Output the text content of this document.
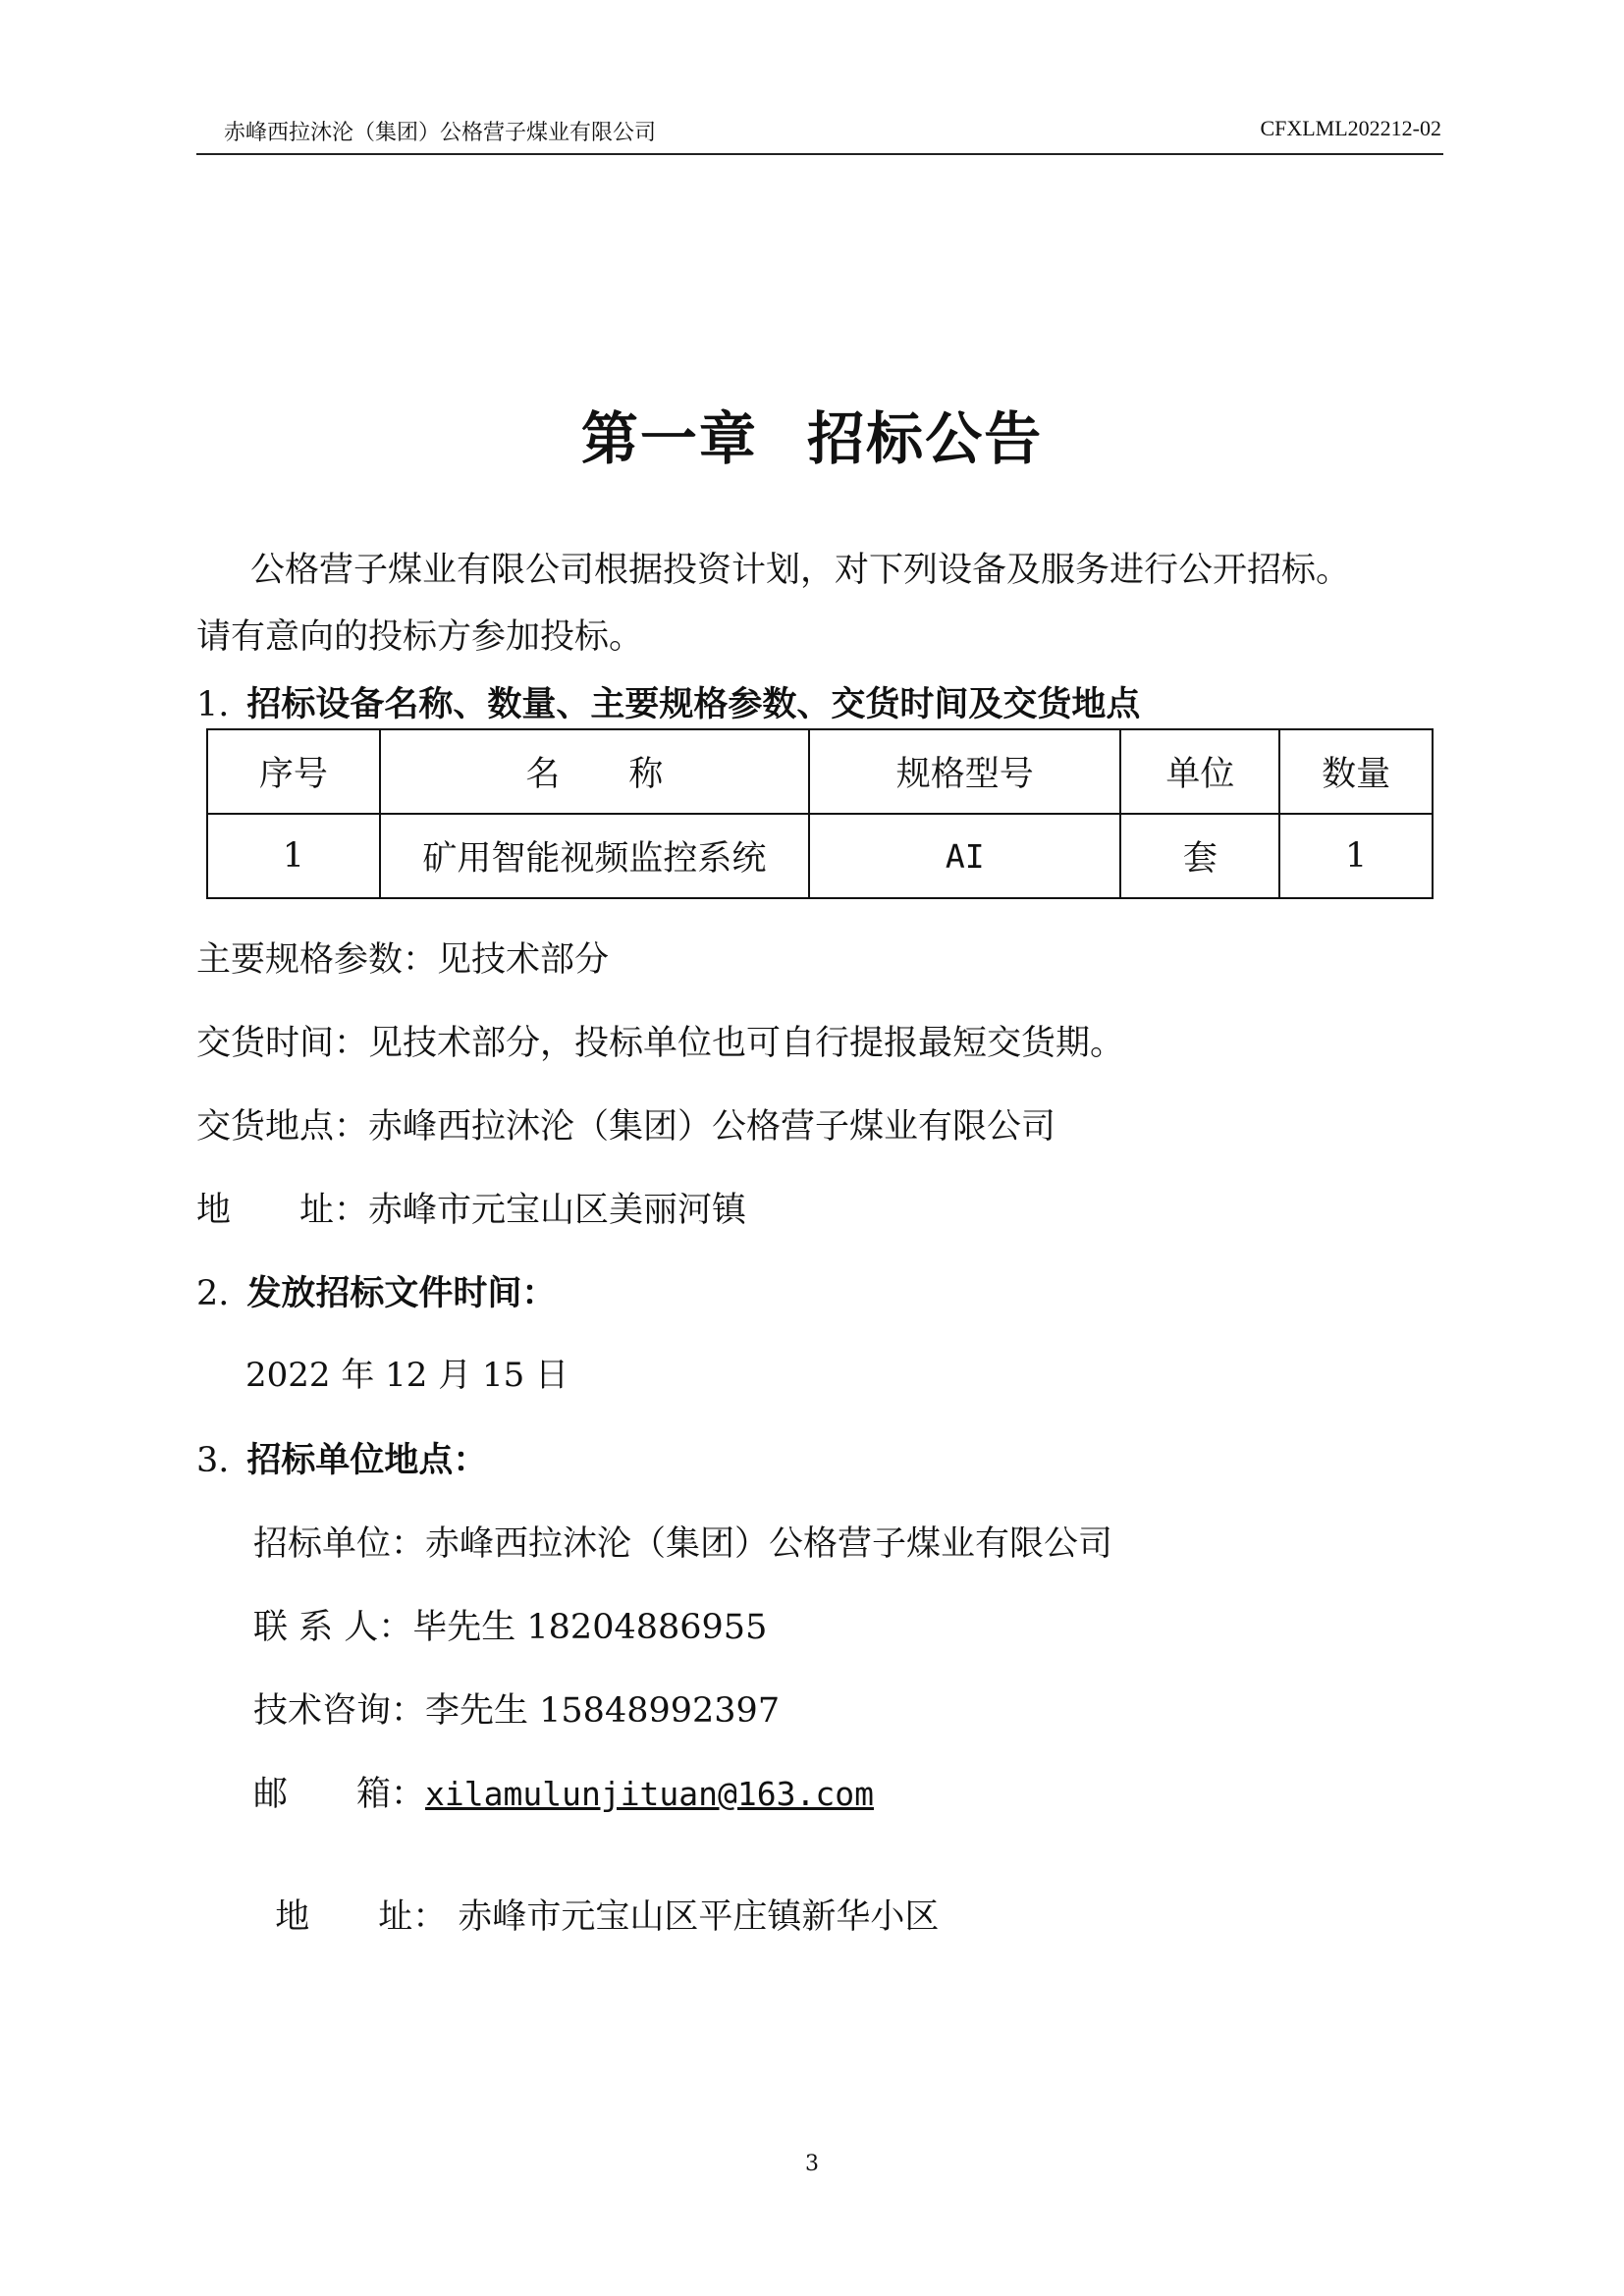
赤峰西拉沐沦（集团）公格营子煤业有限公司	CFXLML202212-02
第一章 招标公告
公格营子煤业有限公司根据投资计划，对下列设备及服务进行公开招标。
请有意向的投标方参加投标。
1. 招标设备名称、数量、主要规格参数、交货时间及交货地点
序号	名　　称	规格型号	单位	数量
1	矿用智能视频监控系统	AI	套	1
主要规格参数：见技术部分
交货时间：见技术部分，投标单位也可自行提报最短交货期。
交货地点：赤峰西拉沐沦（集团）公格营子煤业有限公司
地　　址：赤峰市元宝山区美丽河镇
2. 发放招标文件时间：
2022 年 12 月 15 日
3. 招标单位地点：
招标单位：赤峰西拉沐沦（集团）公格营子煤业有限公司
联 系 人：毕先生 18204886955
技术咨询：李先生 15848992397
邮　　箱：xilamulunjituan@163.com

地　　址： 赤峰市元宝山区平庄镇新华小区

3
